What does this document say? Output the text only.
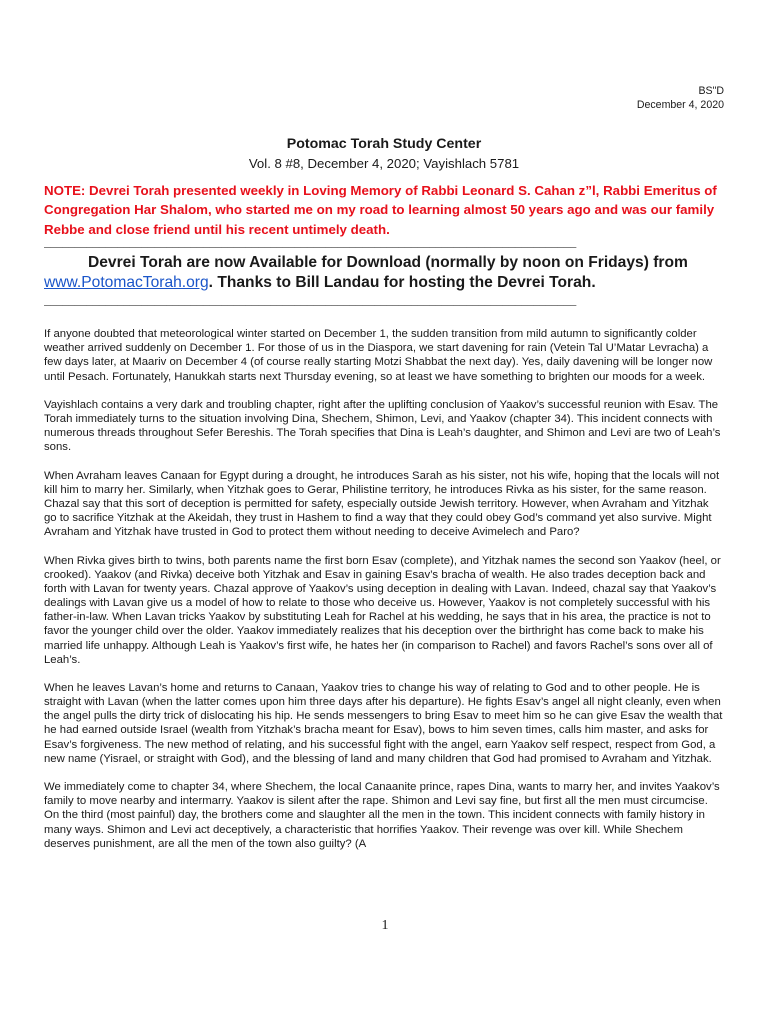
BS"D
December 4, 2020
Potomac Torah Study Center
Vol. 8 #8, December 4, 2020; Vayishlach 5781
NOTE: Devrei Torah presented weekly in Loving Memory of Rabbi Leonard S. Cahan z”l, Rabbi Emeritus of Congregation Har Shalom, who started me on my road to learning almost 50 years ago and was our family Rebbe and close friend until his recent untimely death.
_______________________________________________________________________________________
Devrei Torah are now Available for Download (normally by noon on Fridays) from www.PotomacTorah.org. Thanks to Bill Landau for hosting the Devrei Torah.
_______________________________________________________________________________________

If anyone doubted that meteorological winter started on December 1, the sudden transition from mild autumn to significantly colder weather arrived suddenly on December 1. For those of us in the Diaspora, we start davening for rain (Vetein Tal U’Matar Levracha) a few days later, at Maariv on December 4 (of course really starting Motzi Shabbat the next day). Yes, daily davening will be longer now until Pesach. Fortunately, Hanukkah starts next Thursday evening, so at least we have something to brighten our moods for a week.

Vayishlach contains a very dark and troubling chapter, right after the uplifting conclusion of Yaakov’s successful reunion with Esav. The Torah immediately turns to the situation involving Dina, Shechem, Shimon, Levi, and Yaakov (chapter 34). This incident connects with numerous threads throughout Sefer Bereshis. The Torah specifies that Dina is Leah’s daughter, and Shimon and Levi are two of Leah’s sons.

When Avraham leaves Canaan for Egypt during a drought, he introduces Sarah as his sister, not his wife, hoping that the locals will not kill him to marry her. Similarly, when Yitzhak goes to Gerar, Philistine territory, he introduces Rivka as his sister, for the same reason. Chazal say that this sort of deception is permitted for safety, especially outside Jewish territory. However, when Avraham and Yitzhak go to sacrifice Yitzhak at the Akeidah, they trust in Hashem to find a way that they could obey God’s command yet also survive. Might Avraham and Yitzhak have trusted in God to protect them without needing to deceive Avimelech and Paro?

When Rivka gives birth to twins, both parents name the first born Esav (complete), and Yitzhak names the second son Yaakov (heel, or crooked). Yaakov (and Rivka) deceive both Yitzhak and Esav in gaining Esav’s bracha of wealth. He also trades deception back and forth with Lavan for twenty years. Chazal approve of Yaakov’s using deception in dealing with Lavan. Indeed, chazal say that Yaakov’s dealings with Lavan give us a model of how to relate to those who deceive us. However, Yaakov is not completely successful with his father-in-law. When Lavan tricks Yaakov by substituting Leah for Rachel at his wedding, he says that in his area, the practice is not to favor the younger child over the older. Yaakov immediately realizes that his deception over the birthright has come back to make his married life unhappy. Although Leah is Yaakov’s first wife, he hates her (in comparison to Rachel) and favors Rachel’s sons over all of Leah’s.

When he leaves Lavan’s home and returns to Canaan, Yaakov tries to change his way of relating to God and to other people. He is straight with Lavan (when the latter comes upon him three days after his departure). He fights Esav’s angel all night cleanly, even when the angel pulls the dirty trick of dislocating his hip. He sends messengers to bring Esav to meet him so he can give Esav the wealth that he had earned outside Israel (wealth from Yitzhak’s bracha meant for Esav), bows to him seven times, calls him master, and asks for Esav’s forgiveness. The new method of relating, and his successful fight with the angel, earn Yaakov self respect, respect from God, a new name (Yisrael, or straight with God), and the blessing of land and many children that God had promised to Avraham and Yitzhak.

We immediately come to chapter 34, where Shechem, the local Canaanite prince, rapes Dina, wants to marry her, and invites Yaakov’s family to move nearby and intermarry. Yaakov is silent after the rape. Shimon and Levi say fine, but first all the men must circumcise. On the third (most painful) day, the brothers come and slaughter all the men in the town. This incident connects with family history in many ways. Shimon and Levi act deceptively, a characteristic that horrifies Yaakov. Their revenge was over kill. While Shechem deserves punishment, are all the men of the town also guilty? (A

1
